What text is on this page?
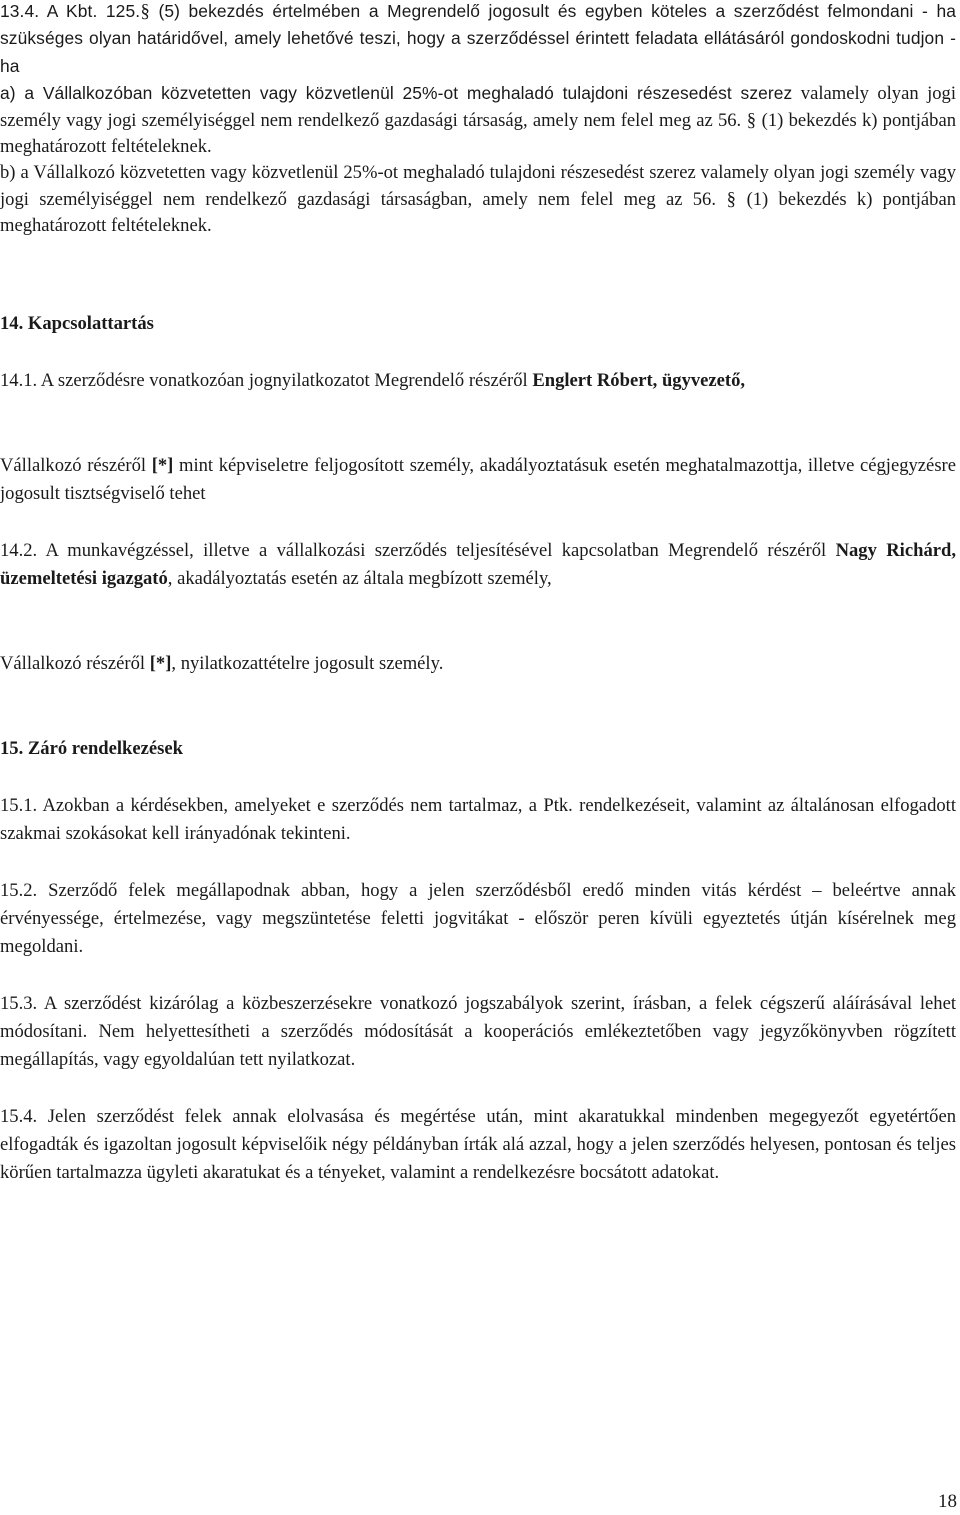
13.4. A Kbt. 125.§ (5) bekezdés értelmében a Megrendelő jogosult és egyben köteles a szerződést felmondani - ha szükséges olyan határidővel, amely lehetővé teszi, hogy a szerződéssel érintett feladata ellátásáról gondoskodni tudjon - ha

a) a Vállalkozóban közvetetten vagy közvetlenül 25%-ot meghaladó tulajdoni részesedést szerez valamely olyan jogi személy vagy jogi személyiséggel nem rendelkező gazdasági társaság, amely nem felel meg az 56. § (1) bekezdés k) pontjában meghatározott feltételeknek.

b) a Vállalkozó közvetetten vagy közvetlenül 25%-ot meghaladó tulajdoni részesedést szerez valamely olyan jogi személy vagy jogi személyiséggel nem rendelkező gazdasági társaságban, amely nem felel meg az 56. § (1) bekezdés k) pontjában meghatározott feltételeknek.

14. Kapcsolattartás

14.1. A szerződésre vonatkozóan jognyilatkozatot Megrendelő részéről Englert Róbert, ügyvezető,

Vállalkozó részéről [*] mint képviseletre feljogosított személy, akadályoztatásuk esetén meghatalmazottja, illetve cégjegyzésre jogosult tisztségviselő tehet

14.2. A munkavégzéssel, illetve a vállalkozási szerződés teljesítésével kapcsolatban Megrendelő részéről Nagy Richárd, üzemeltetési igazgató, akadályoztatás esetén az általa megbízott személy,

Vállalkozó részéről [*], nyilatkozattételre jogosult személy.

15. Záró rendelkezések

15.1. Azokban a kérdésekben, amelyeket e szerződés nem tartalmaz, a Ptk. rendelkezéseit, valamint az általánosan elfogadott szakmai szokásokat kell irányadónak tekinteni.

15.2. Szerződő felek megállapodnak abban, hogy a jelen szerződésből eredő minden vitás kérdést – beleértve annak érvényessége, értelmezése, vagy megszüntetése feletti jogvitákat - először peren kívüli egyeztetés útján kísérelnek meg megoldani.

15.3. A szerződést kizárólag a közbeszerzésekre vonatkozó jogszabályok szerint, írásban, a felek cégszerű aláírásával lehet módosítani. Nem helyettesítheti a szerződés módosítását a kooperációs emlékeztetőben vagy jegyzőkönyvben rögzített megállapítás, vagy egyoldalúan tett nyilatkozat.

15.4. Jelen szerződést felek annak elolvasása és megértése után, mint akaratukkal mindenben megegyezőt egyetértően elfogadták és igazoltan jogosult képviselőik négy példányban írták alá azzal, hogy a jelen szerződés helyesen, pontosan és teljes körűen tartalmazza ügyleti akaratukat és a tényeket, valamint a rendelkezésre bocsátott adatokat.

18
